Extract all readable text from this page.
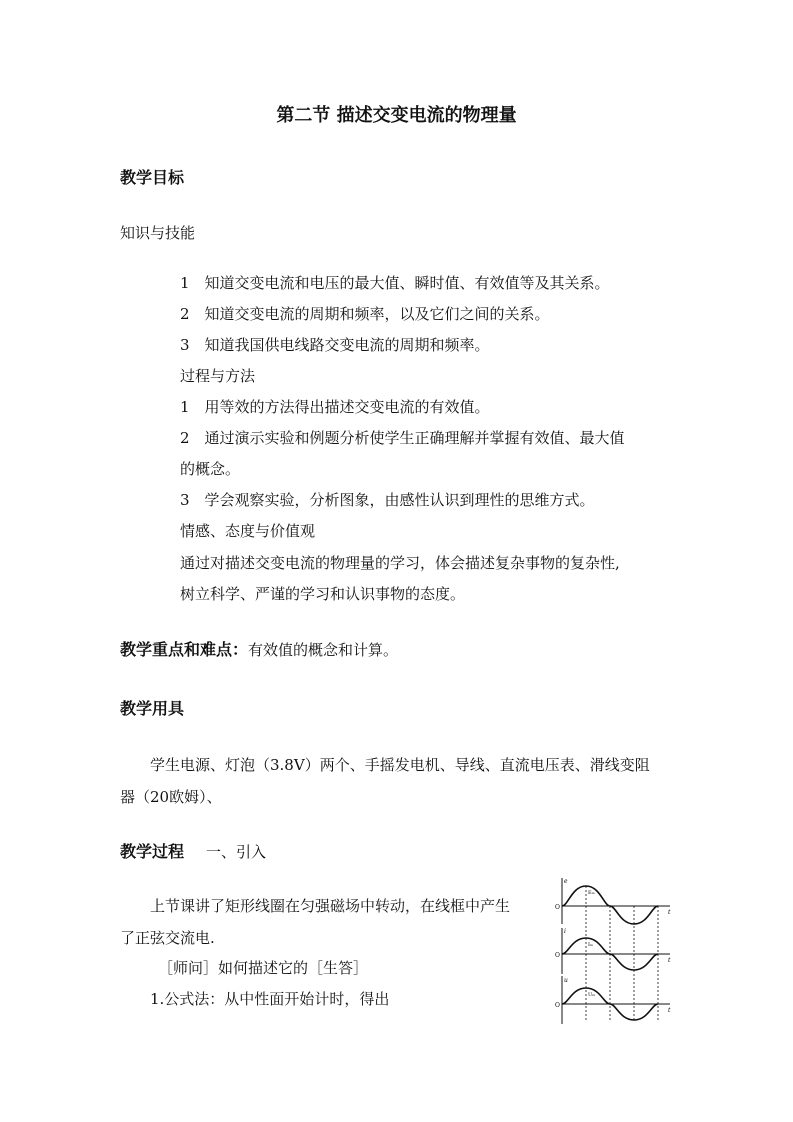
第二节 描述交变电流的物理量
教学目标
知识与技能
1　知道交变电流和电压的最大值、瞬时值、有效值等及其关系。
2　知道交变电流的周期和频率，以及它们之间的关系。
3　知道我国供电线路交变电流的周期和频率。
过程与方法
1　用等效的方法得出描述交变电流的有效值。
2　通过演示实验和例题分析使学生正确理解并掌握有效值、最大值
的概念。
3　学会观察实验，分析图象，由感性认识到理性的思维方式。
情感、态度与价值观
通过对描述交变电流的物理量的学习，体会描述复杂事物的复杂性,
树立科学、严谨的学习和认识事物的态度。
教学重点和难点：有效值的概念和计算。
教学用具
学生电源、灯泡（3.8V）两个、手摇发电机、导线、直流电压表、滑线变阻
器（20欧姆）、
教学过程 一、引入
上节课讲了矩形线圈在匀强磁场中转动，在线框中产生
了正弦交流电.
［师问］如何描述它的［生答］
1.公式法：从中性面开始计时，得出
e
O
Eₘ
t
i
O
Iₘ
t
u
O
Uₘ
t
